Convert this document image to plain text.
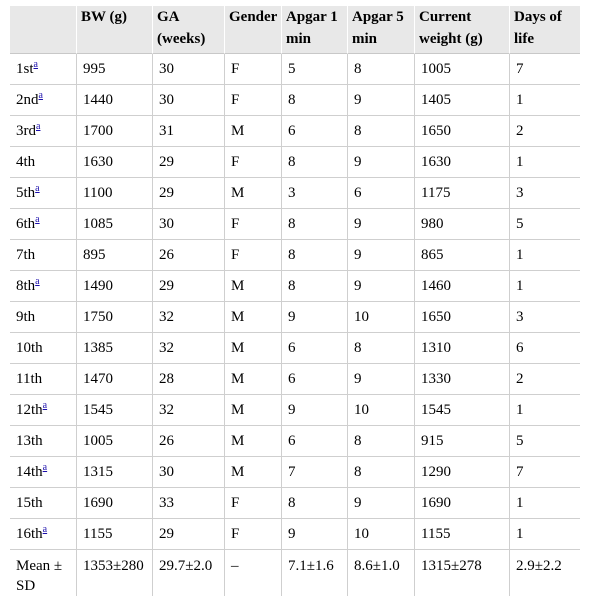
	BW (g)	GA (weeks)	Gender	Apgar 1 min	Apgar 5 min	Current weight (g)	Days of life
1st$^a$	995	30	F	5	8	1005	7
2nd$^a$	1440	30	F	8	9	1405	1
3rd$^a$	1700	31	M	6	8	1650	2
4th	1630	29	F	8	9	1630	1
5th$^a$	1100	29	M	3	6	1175	3
6th$^a$	1085	30	F	8	9	980	5
7th	895	26	F	8	9	865	1
8th$^a$	1490	29	M	8	9	1460	1
9th	1750	32	M	9	10	1650	3
10th	1385	32	M	6	8	1310	6
11th	1470	28	M	6	9	1330	2
12th$^a$	1545	32	M	9	10	1545	1
13th	1005	26	M	6	8	915	5
14th$^a$	1315	30	M	7	8	1290	7
15th	1690	33	F	8	9	1690	1
16th$^a$	1155	29	F	9	10	1155	1
Mean ± SD	1353±280	29.7±2.0	–	7.1±1.6	8.6±1.0	1315±278	2.9±2.2
